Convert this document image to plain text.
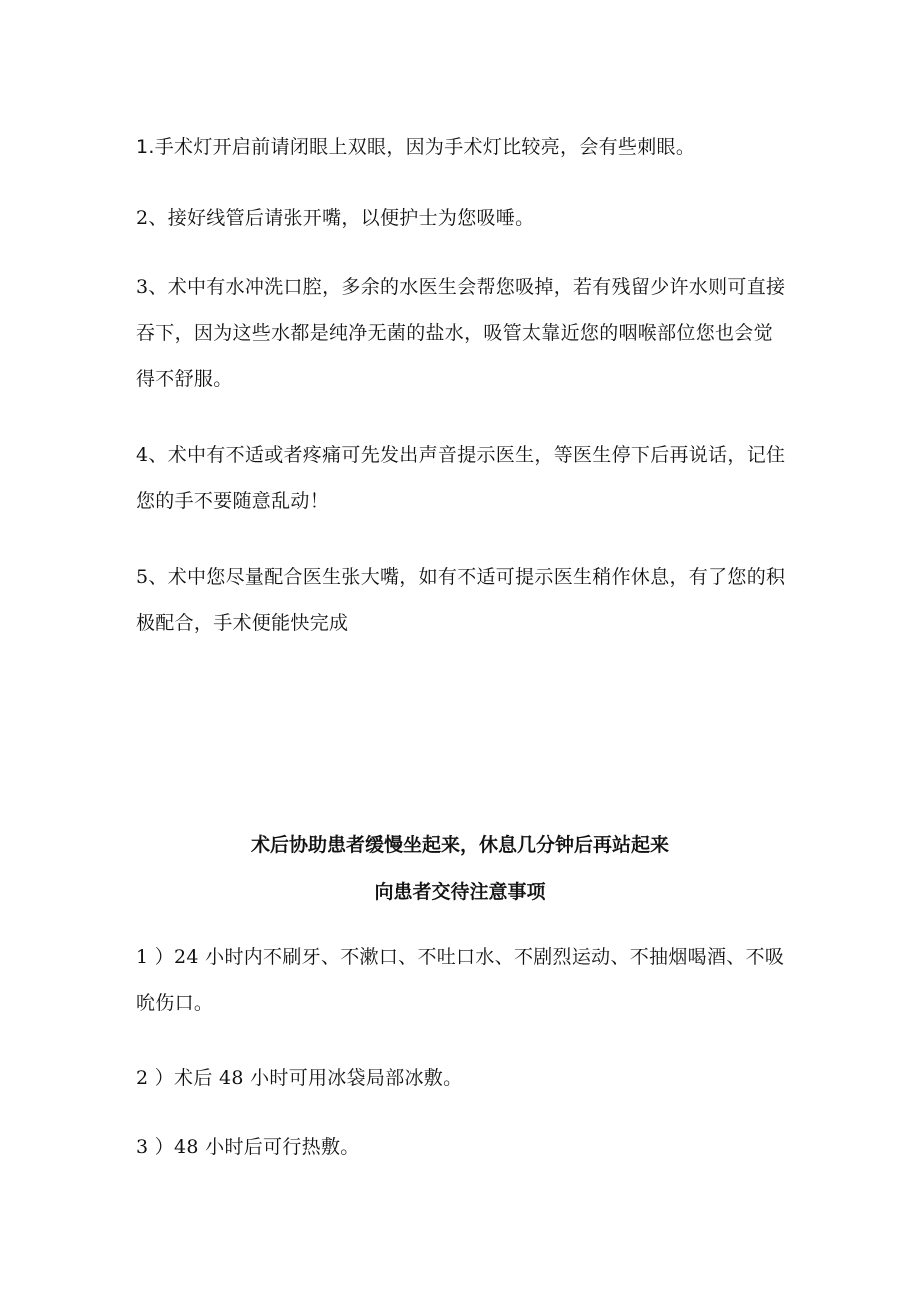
1.手术灯开启前请闭眼上双眼，因为手术灯比较亮，会有些刺眼。

2、接好线管后请张开嘴，以便护士为您吸唾。

3、术中有水冲洗口腔，多余的水医生会帮您吸掉，若有残留少许水则可直接吞下，因为这些水都是纯净无菌的盐水，吸管太靠近您的咽喉部位您也会觉得不舒服。

4、术中有不适或者疼痛可先发出声音提示医生，等医生停下后再说话，记住您的手不要随意乱动！

5、术中您尽量配合医生张大嘴，如有不适可提示医生稍作休息，有了您的积极配合，手术便能快完成

术后协助患者缓慢坐起来，休息几分钟后再站起来

向患者交待注意事项

1 ）24 小时内不刷牙、不漱口、不吐口水、不剧烈运动、不抽烟喝酒、不吸吮伤口。

2 ）术后 48 小时可用冰袋局部冰敷。

3 ）48 小时后可行热敷。
